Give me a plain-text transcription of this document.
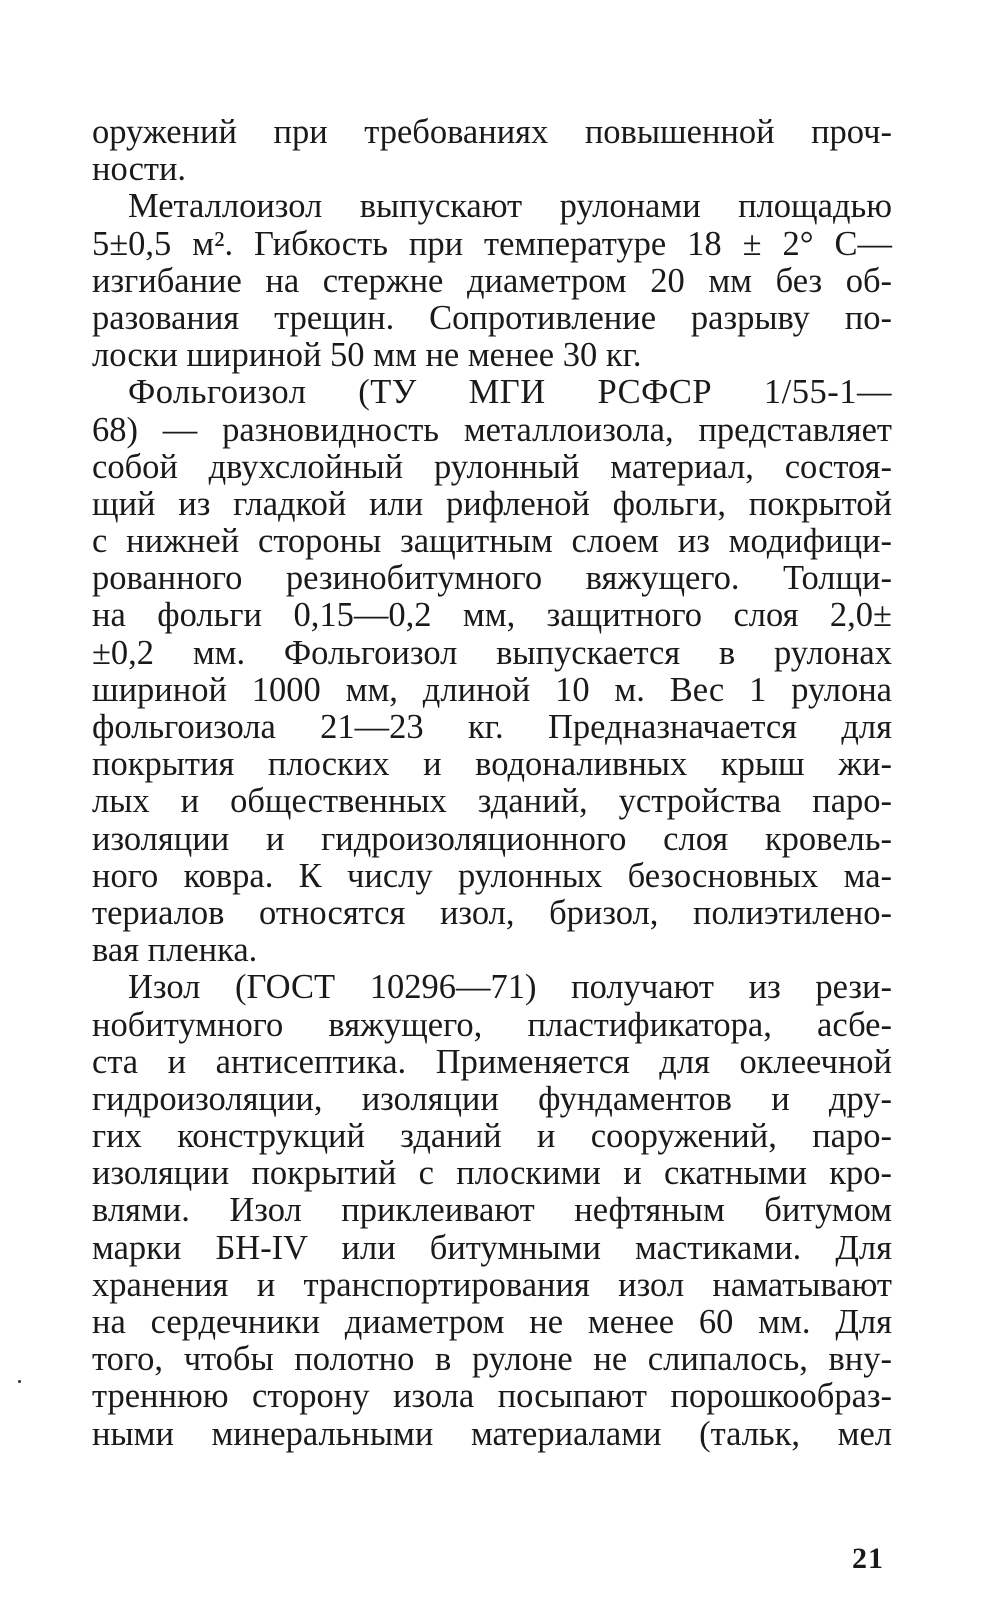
оружений при требованиях повышенной проч-
ности.
Металлоизол выпускают рулонами площадью
5±0,5 м². Гибкость при температуре 18 ± 2° С—
изгибание на стержне диаметром 20 мм без об-
разования трещин. Сопротивление разрыву по-
лоски шириной 50 мм не менее 30 кг.
Фольгоизол (ТУ МГИ РСФСР 1/55-1—
68) — разновидность металлоизола, представляет
собой двухслойный рулонный материал, состоя-
щий из гладкой или рифленой фольги, покрытой
с нижней стороны защитным слоем из модифици-
рованного резинобитумного вяжущего. Толщи-
на фольги 0,15—0,2 мм, защитного слоя 2,0±
±0,2 мм. Фольгоизол выпускается в рулонах
шириной 1000 мм, длиной 10 м. Вес 1 рулона
фольгоизола 21—23 кг. Предназначается для
покрытия плоских и водоналивных крыш жи-
лых и общественных зданий, устройства паро-
изоляции и гидроизоляционного слоя кровель-
ного ковра. К числу рулонных безосновных ма-
териалов относятся изол, бризол, полиэтилено-
вая пленка.
Изол (ГОСТ 10296—71) получают из рези-
нобитумного вяжущего, пластификатора, асбе-
ста и антисептика. Применяется для оклеечной
гидроизоляции, изоляции фундаментов и дру-
гих конструкций зданий и сооружений, паро-
изоляции покрытий с плоскими и скатными кро-
влями. Изол приклеивают нефтяным битумом
марки БН-IV или битумными мастиками. Для
хранения и транспортирования изол наматывают
на сердечники диаметром не менее 60 мм. Для
того, чтобы полотно в рулоне не слипалось, вну-
треннюю сторону изола посыпают порошкообраз-
ными минеральными материалами (тальк, мел
21
